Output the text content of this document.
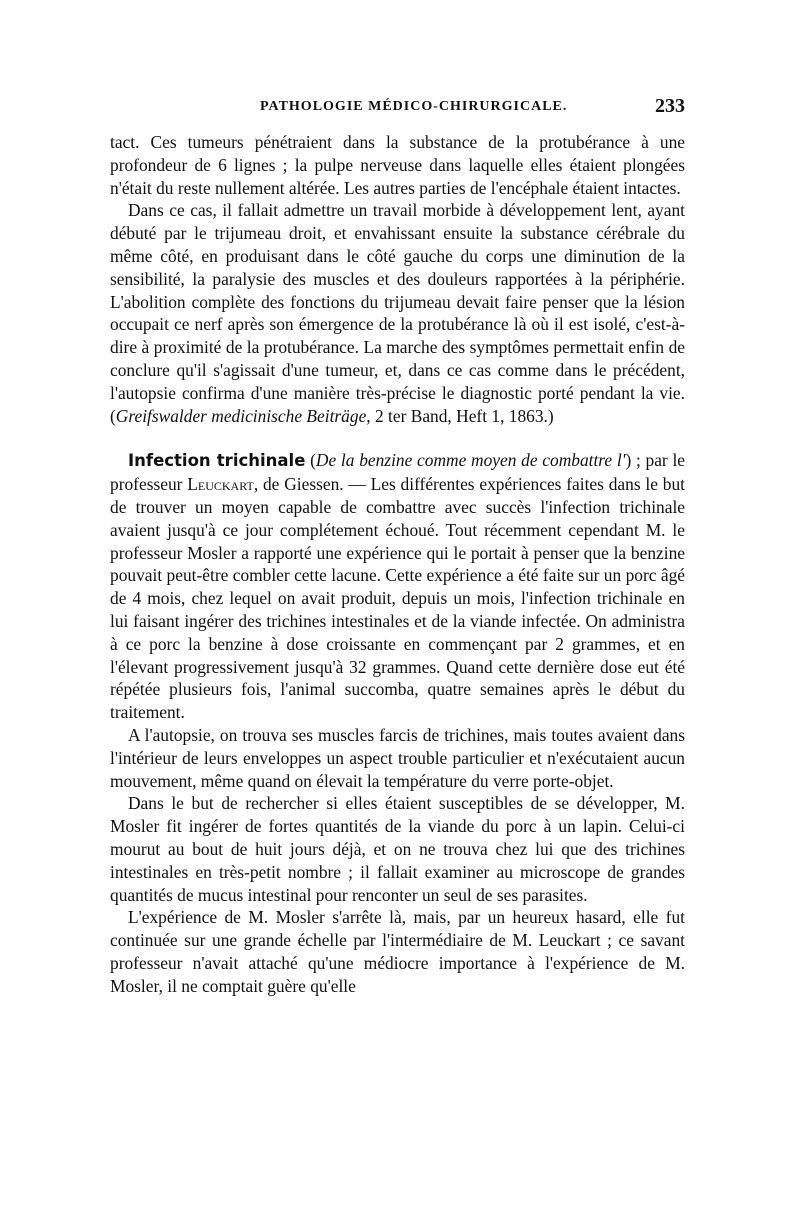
PATHOLOGIE MÉDICO-CHIRURGICALE.	233

tact. Ces tumeurs pénétraient dans la substance de la protubérance à une profondeur de 6 lignes ; la pulpe nerveuse dans laquelle elles étaient plongées n'était du reste nullement altérée. Les autres parties de l'encéphale étaient intactes.

Dans ce cas, il fallait admettre un travail morbide à développement lent, ayant débuté par le trijumeau droit, et envahissant ensuite la substance cérébrale du même côté, en produisant dans le côté gauche du corps une diminution de la sensibilité, la paralysie des muscles et des douleurs rapportées à la périphérie. L'abolition complète des fonctions du trijumeau devait faire penser que la lésion occupait ce nerf après son émergence de la protubérance là où il est isolé, c'est-à-dire à proximité de la protubérance. La marche des symptômes permettait enfin de conclure qu'il s'agissait d'une tumeur, et, dans ce cas comme dans le précédent, l'autopsie confirma d'une manière très-précise le diagnostic porté pendant la vie. (Greifswalder medicinische Beiträge, 2 ter Band, Heft 1, 1863.)

Infection trichinale (De la benzine comme moyen de combattre l') ; par le professeur Leuckart, de Giessen. — Les différentes expériences faites dans le but de trouver un moyen capable de combattre avec succès l'infection trichinale avaient jusqu'à ce jour complétement échoué. Tout récemment cependant M. le professeur Mosler a rapporté une expérience qui le portait à penser que la benzine pouvait peut-être combler cette lacune. Cette expérience a été faite sur un porc âgé de 4 mois, chez lequel on avait produit, depuis un mois, l'infection trichinale en lui faisant ingérer des trichines intestinales et de la viande infectée. On administra à ce porc la benzine à dose croissante en commençant par 2 grammes, et en l'élevant progressivement jusqu'à 32 grammes. Quand cette dernière dose eut été répétée plusieurs fois, l'animal succomba, quatre semaines après le début du traitement.

A l'autopsie, on trouva ses muscles farcis de trichines, mais toutes avaient dans l'intérieur de leurs enveloppes un aspect trouble particulier et n'exécutaient aucun mouvement, même quand on élevait la température du verre porte-objet.

Dans le but de rechercher si elles étaient susceptibles de se développer, M. Mosler fit ingérer de fortes quantités de la viande du porc à un lapin. Celui-ci mourut au bout de huit jours déjà, et on ne trouva chez lui que des trichines intestinales en très-petit nombre ; il fallait examiner au microscope de grandes quantités de mucus intestinal pour renconter un seul de ses parasites.

L'expérience de M. Mosler s'arrête là, mais, par un heureux hasard, elle fut continuée sur une grande échelle par l'intermédiaire de M. Leuckart ; ce savant professeur n'avait attaché qu'une médiocre importance à l'expérience de M. Mosler, il ne comptait guère qu'elle
